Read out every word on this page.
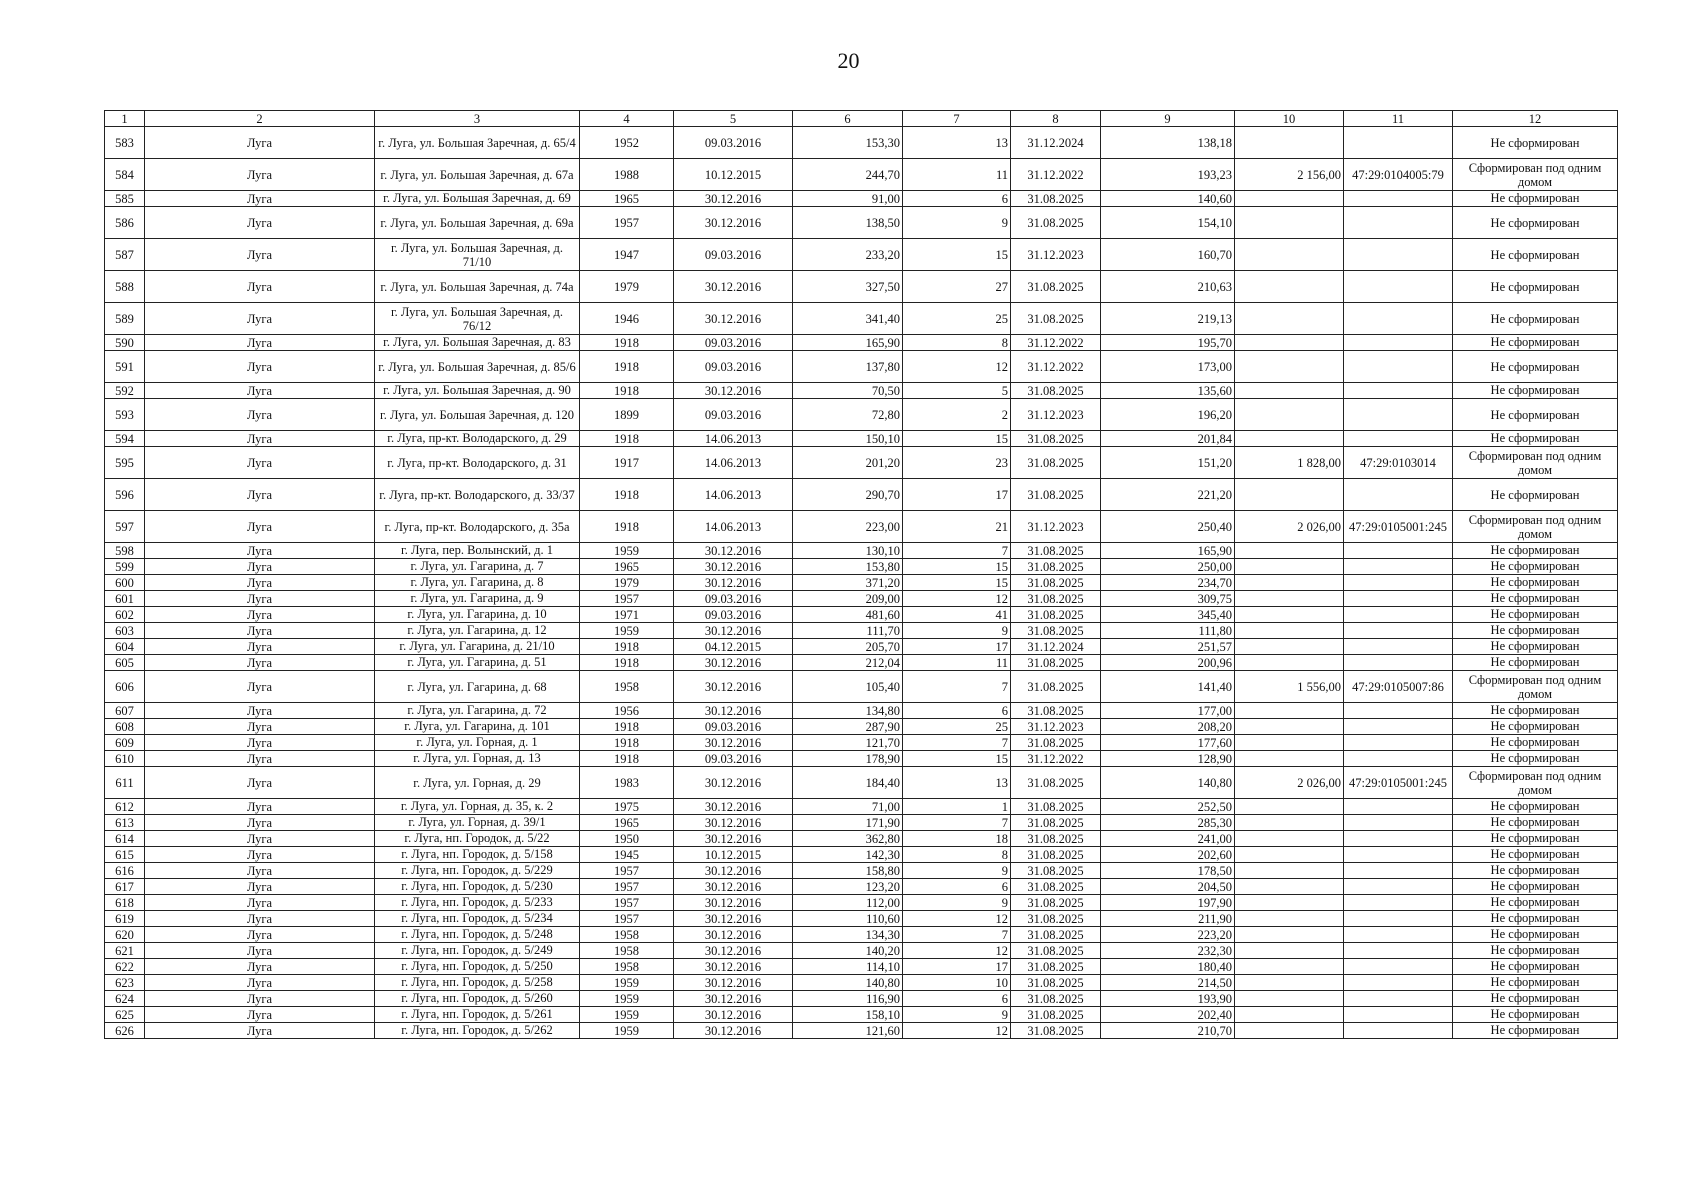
20
1	2	3	4	5	6	7	8	9	10	11	12
583	Луга	г. Луга, ул. Большая Заречная, д. 65/4	1952	09.03.2016	153,30	13	31.12.2024	138,18			Не сформирован
584	Луга	г. Луга, ул. Большая Заречная, д. 67а	1988	10.12.2015	244,70	11	31.12.2022	193,23	2 156,00	47:29:0104005:79	Сформирован под одним домом
585	Луга	г. Луга, ул. Большая Заречная, д. 69	1965	30.12.2016	91,00	6	31.08.2025	140,60			Не сформирован

586	Луга	г. Луга, ул. Большая Заречная, д. 69а	1957	30.12.2016	138,50	9	31.08.2025	154,10			Не сформирован
587	Луга	г. Луга, ул. Большая Заречная, д. 71/10	1947	09.03.2016	233,20	15	31.12.2023	160,70			Не сформирован
588	Луга	г. Луга, ул. Большая Заречная, д. 74а	1979	30.12.2016	327,50	27	31.08.2025	210,63			Не сформирован
589	Луга	г. Луга, ул. Большая Заречная, д. 76/12	1946	30.12.2016	341,40	25	31.08.2025	219,13			Не сформирован
590	Луга	г. Луга, ул. Большая Заречная, д. 83	1918	09.03.2016	165,90	8	31.12.2022	195,70			Не сформирован

591	Луга	г. Луга, ул. Большая Заречная, д. 85/6	1918	09.03.2016	137,80	12	31.12.2022	173,00			Не сформирован
592	Луга	г. Луга, ул. Большая Заречная, д. 90	1918	30.12.2016	70,50	5	31.08.2025	135,60			Не сформирован

593	Луга	г. Луга, ул. Большая Заречная, д. 120	1899	09.03.2016	72,80	2	31.12.2023	196,20			Не сформирован
594	Луга	г. Луга, пр-кт. Володарского, д. 29	1918	14.06.2013	150,10	15	31.08.2025	201,84			Не сформирован

595	Луга	г. Луга, пр-кт. Володарского, д. 31	1917	14.06.2013	201,20	23	31.08.2025	151,20	1 828,00	47:29:0103014	Сформирован под одним домом
596	Луга	г. Луга, пр-кт. Володарского, д. 33/37	1918	14.06.2013	290,70	17	31.08.2025	221,20			Не сформирован
597	Луга	г. Луга, пр-кт. Володарского, д. 35а	1918	14.06.2013	223,00	21	31.12.2023	250,40	2 026,00	47:29:0105001:245	Сформирован под одним домом
598	Луга	г. Луга, пер. Волынский, д. 1	1959	30.12.2016	130,10	7	31.08.2025	165,90			Не сформирован

599	Луга	г. Луга, ул. Гагарина, д. 7	1965	30.12.2016	153,80	15	31.08.2025	250,00			Не сформирован

600	Луга	г. Луга, ул. Гагарина, д. 8	1979	30.12.2016	371,20	15	31.08.2025	234,70			Не сформирован

601	Луга	г. Луга, ул. Гагарина, д. 9	1957	09.03.2016	209,00	12	31.08.2025	309,75			Не сформирован

602	Луга	г. Луга, ул. Гагарина, д. 10	1971	09.03.2016	481,60	41	31.08.2025	345,40			Не сформирован

603	Луга	г. Луга, ул. Гагарина, д. 12	1959	30.12.2016	111,70	9	31.08.2025	111,80			Не сформирован

604	Луга	г. Луга, ул. Гагарина, д. 21/10	1918	04.12.2015	205,70	17	31.12.2024	251,57			Не сформирован

605	Луга	г. Луга, ул. Гагарина, д. 51	1918	30.12.2016	212,04	11	31.08.2025	200,96			Не сформирован

606	Луга	г. Луга, ул. Гагарина, д. 68	1958	30.12.2016	105,40	7	31.08.2025	141,40	1 556,00	47:29:0105007:86	Сформирован под одним домом
607	Луга	г. Луга, ул. Гагарина, д. 72	1956	30.12.2016	134,80	6	31.08.2025	177,00			Не сформирован

608	Луга	г. Луга, ул. Гагарина, д. 101	1918	09.03.2016	287,90	25	31.12.2023	208,20			Не сформирован

609	Луга	г. Луга, ул. Горная, д. 1	1918	30.12.2016	121,70	7	31.08.2025	177,60			Не сформирован

610	Луга	г. Луга, ул. Горная, д. 13	1918	09.03.2016	178,90	15	31.12.2022	128,90			Не сформирован

611	Луга	г. Луга, ул. Горная, д. 29	1983	30.12.2016	184,40	13	31.08.2025	140,80	2 026,00	47:29:0105001:245	Сформирован под одним домом
612	Луга	г. Луга, ул. Горная, д. 35, к. 2	1975	30.12.2016	71,00	1	31.08.2025	252,50			Не сформирован

613	Луга	г. Луга, ул. Горная, д. 39/1	1965	30.12.2016	171,90	7	31.08.2025	285,30			Не сформирован

614	Луга	г. Луга, нп. Городок, д. 5/22	1950	30.12.2016	362,80	18	31.08.2025	241,00			Не сформирован

615	Луга	г. Луга, нп. Городок, д. 5/158	1945	10.12.2015	142,30	8	31.08.2025	202,60			Не сформирован

616	Луга	г. Луга, нп. Городок, д. 5/229	1957	30.12.2016	158,80	9	31.08.2025	178,50			Не сформирован

617	Луга	г. Луга, нп. Городок, д. 5/230	1957	30.12.2016	123,20	6	31.08.2025	204,50			Не сформирован

618	Луга	г. Луга, нп. Городок, д. 5/233	1957	30.12.2016	112,00	9	31.08.2025	197,90			Не сформирован

619	Луга	г. Луга, нп. Городок, д. 5/234	1957	30.12.2016	110,60	12	31.08.2025	211,90			Не сформирован

620	Луга	г. Луга, нп. Городок, д. 5/248	1958	30.12.2016	134,30	7	31.08.2025	223,20			Не сформирован

621	Луга	г. Луга, нп. Городок, д. 5/249	1958	30.12.2016	140,20	12	31.08.2025	232,30			Не сформирован

622	Луга	г. Луга, нп. Городок, д. 5/250	1958	30.12.2016	114,10	17	31.08.2025	180,40			Не сформирован

623	Луга	г. Луга, нп. Городок, д. 5/258	1959	30.12.2016	140,80	10	31.08.2025	214,50			Не сформирован

624	Луга	г. Луга, нп. Городок, д. 5/260	1959	30.12.2016	116,90	6	31.08.2025	193,90			Не сформирован

625	Луга	г. Луга, нп. Городок, д. 5/261	1959	30.12.2016	158,10	9	31.08.2025	202,40			Не сформирован

626	Луга	г. Луга, нп. Городок, д. 5/262	1959	30.12.2016	121,60	12	31.08.2025	210,70			Не сформирован
